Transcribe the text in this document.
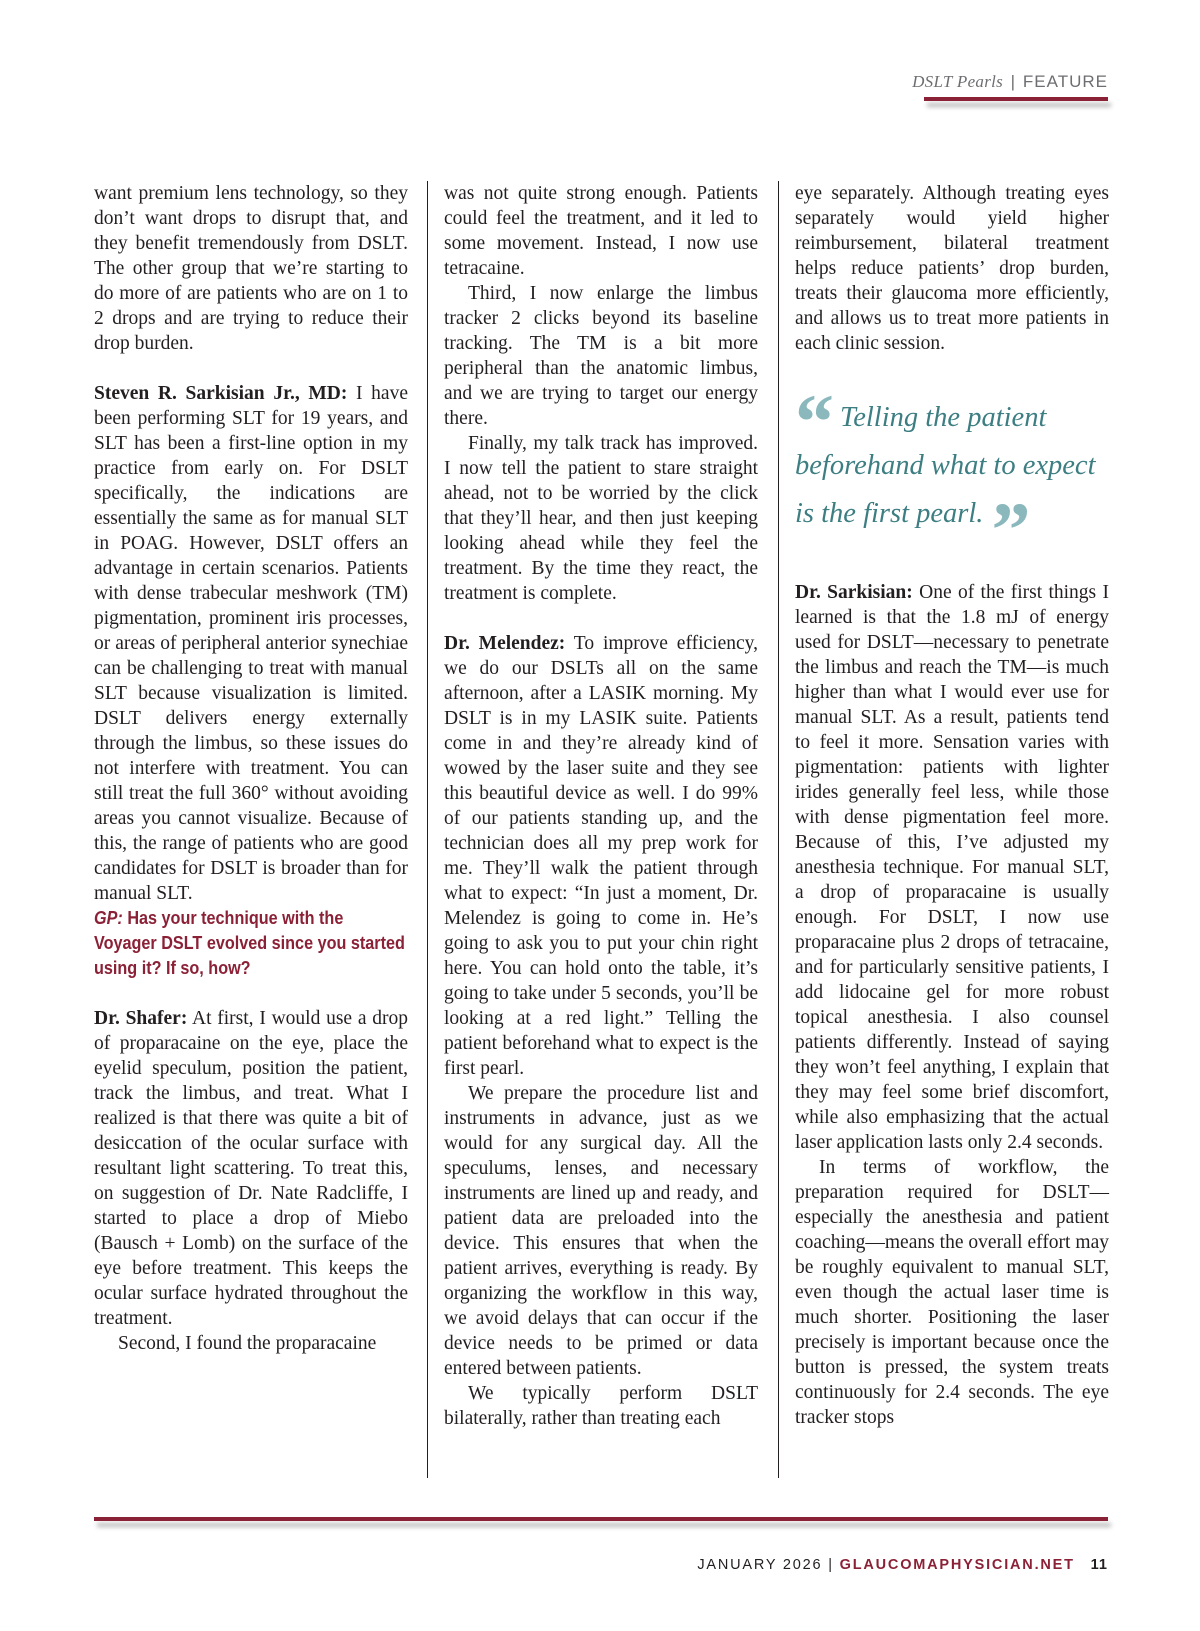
DSLT Pearls | FEATURE

want premium lens technology, so they don’t want drops to disrupt that, and they benefit tremendously from DSLT. The other group that we’re starting to do more of are patients who are on 1 to 2 drops and are trying to reduce their drop burden.

Steven R. Sarkisian Jr., MD: I have been performing SLT for 19 years, and SLT has been a first-line option in my practice from early on. For DSLT specifically, the indications are essentially the same as for manual SLT in POAG. However, DSLT offers an advantage in certain scenarios. Patients with dense trabecular meshwork (TM) pigmentation, prominent iris processes, or areas of peripheral anterior synechiae can be challenging to treat with manual SLT because visualization is limited. DSLT delivers energy externally through the limbus, so these issues do not interfere with treatment. You can still treat the full 360° without avoiding areas you cannot visualize. Because of this, the range of patients who are good candidates for DSLT is broader than for manual SLT.

GP: Has your technique with the Voyager DSLT evolved since you started using it? If so, how?

Dr. Shafer: At first, I would use a drop of proparacaine on the eye, place the eyelid speculum, position the patient, track the limbus, and treat. What I realized is that there was quite a bit of desiccation of the ocular surface with resultant light scattering. To treat this, on suggestion of Dr. Nate Radcliffe, I started to place a drop of Miebo (Bausch + Lomb) on the surface of the eye before treatment. This keeps the ocular surface hydrated throughout the treatment.

Second, I found the proparacaine

was not quite strong enough. Patients could feel the treatment, and it led to some movement. Instead, I now use tetracaine.

Third, I now enlarge the limbus tracker 2 clicks beyond its baseline tracking. The TM is a bit more peripheral than the anatomic limbus, and we are trying to target our energy there.

Finally, my talk track has improved. I now tell the patient to stare straight ahead, not to be worried by the click that they’ll hear, and then just keeping looking ahead while they feel the treatment. By the time they react, the treatment is complete.

Dr. Melendez: To improve efficiency, we do our DSLTs all on the same afternoon, after a LASIK morning. My DSLT is in my LASIK suite. Patients come in and they’re already kind of wowed by the laser suite and they see this beautiful device as well. I do 99% of our patients standing up, and the technician does all my prep work for me. They’ll walk the patient through what to expect: “In just a moment, Dr. Melendez is going to come in. He’s going to ask you to put your chin right here. You can hold onto the table, it’s going to take under 5 seconds, you’ll be looking at a red light.” Telling the patient beforehand what to expect is the first pearl.

We prepare the procedure list and instruments in advance, just as we would for any surgical day. All the speculums, lenses, and necessary instruments are lined up and ready, and patient data are preloaded into the device. This ensures that when the patient arrives, everything is ready. By organizing the workflow in this way, we avoid delays that can occur if the device needs to be primed or data entered between patients.

We typically perform DSLT bilaterally, rather than treating each

eye separately. Although treating eyes separately would yield higher reimbursement, bilateral treatment helps reduce patients’ drop burden, treats their glaucoma more efficiently, and allows us to treat more patients in each clinic session.

“ Telling the patient beforehand what to expect is the first pearl. ”

Dr. Sarkisian: One of the first things I learned is that the 1.8 mJ of energy used for DSLT—necessary to penetrate the limbus and reach the TM—is much higher than what I would ever use for manual SLT. As a result, patients tend to feel it more. Sensation varies with pigmentation: patients with lighter irides generally feel less, while those with dense pigmentation feel more. Because of this, I’ve adjusted my anesthesia technique. For manual SLT, a drop of proparacaine is usually enough. For DSLT, I now use proparacaine plus 2 drops of tetracaine, and for particularly sensitive patients, I add lidocaine gel for more robust topical anesthesia. I also counsel patients differently. Instead of saying they won’t feel anything, I explain that they may feel some brief discomfort, while also emphasizing that the actual laser application lasts only 2.4 seconds.

In terms of workflow, the preparation required for DSLT—especially the anesthesia and patient coaching—means the overall effort may be roughly equivalent to manual SLT, even though the actual laser time is much shorter. Positioning the laser precisely is important because once the button is pressed, the system treats continuously for 2.4 seconds. The eye tracker stops

JANUARY 2026 | GLAUCOMAPHYSICIAN.NET 11
